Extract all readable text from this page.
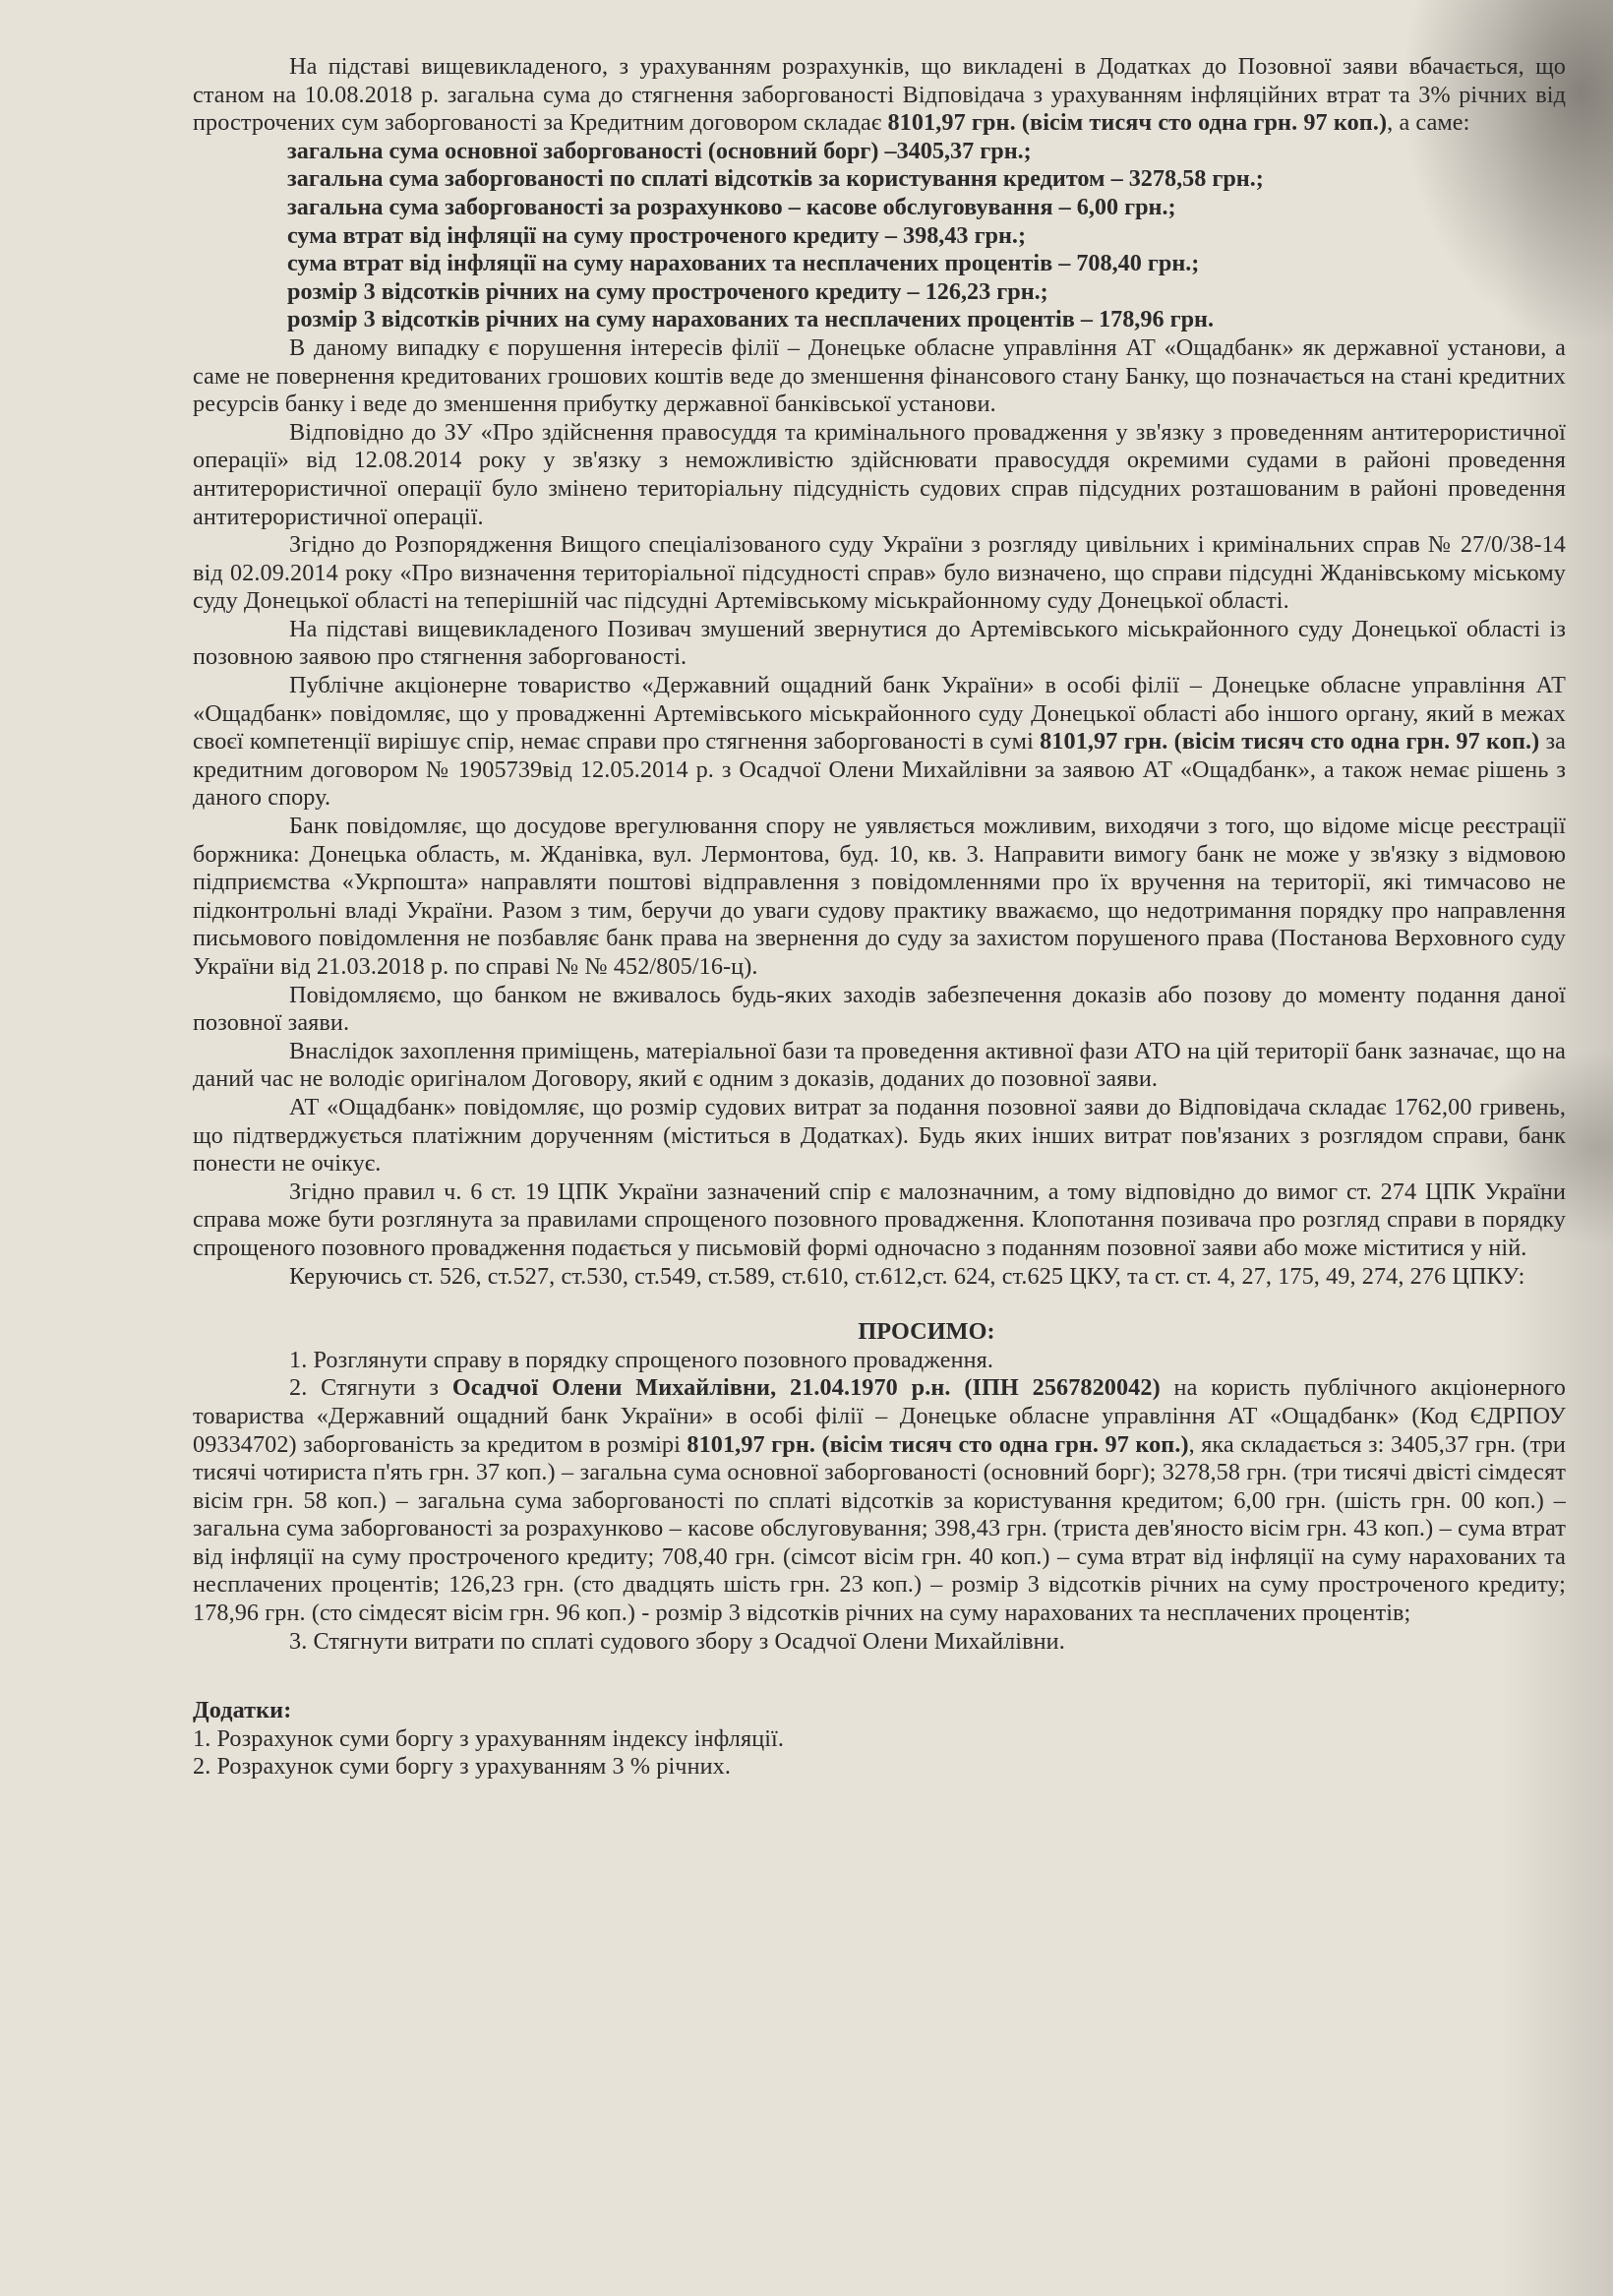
На підставі вищевикладеного, з урахуванням розрахунків, що викладені в Додатках до Позовної заяви вбачається, що станом на 10.08.2018 р. загальна сума до стягнення заборгованості Відповідача з урахуванням інфляційних втрат та 3% річних від прострочених сум заборгованості за Кредитним договором складає 8101,97 грн. (вісім тисяч сто одна грн. 97 коп.), а саме:

загальна сума основної заборгованості (основний борг) –3405,37 грн.;
загальна сума заборгованості по сплаті відсотків за користування кредитом – 3278,58 грн.;
загальна сума заборгованості за розрахунково – касове обслуговування – 6,00 грн.;
сума втрат від інфляції на суму простроченого кредиту – 398,43 грн.;
сума втрат від інфляції на суму нарахованих та несплачених процентів – 708,40 грн.;
розмір 3 відсотків річних на суму простроченого кредиту – 126,23 грн.;
розмір 3 відсотків річних на суму нарахованих та несплачених процентів – 178,96 грн.

В даному випадку є порушення інтересів філії – Донецьке обласне управління АТ «Ощадбанк» як державної установи, а саме не повернення кредитованих грошових коштів веде до зменшення фінансового стану Банку, що позначається на стані кредитних ресурсів банку і веде до зменшення прибутку державної банківської установи.

Відповідно до ЗУ «Про здійснення правосуддя та кримінального провадження у зв'язку з проведенням антитерористичної операції» від 12.08.2014 року у зв'язку з неможливістю здійснювати правосуддя окремими судами в районі проведення антитерористичної операції було змінено територіальну підсудність судових справ підсудних розташованим в районі проведення антитерористичної операції.

Згідно до Розпорядження Вищого спеціалізованого суду України з розгляду цивільних і кримінальних справ № 27/0/38-14 від 02.09.2014 року «Про визначення територіальної підсудності справ» було визначено, що справи підсудні Жданівському міському суду Донецької області на теперішній час підсудні Артемівському міськрайонному суду Донецької області.

На підставі вищевикладеного Позивач змушений звернутися до Артемівського міськрайонного суду Донецької області із позовною заявою про стягнення заборгованості.

Публічне акціонерне товариство «Державний ощадний банк України» в особі філії – Донецьке обласне управління АТ «Ощадбанк» повідомляє, що у провадженні Артемівського міськрайонного суду Донецької області або іншого органу, який в межах своєї компетенції вирішує спір, немає справи про стягнення заборгованості в сумі 8101,97 грн. (вісім тисяч сто одна грн. 97 коп.) за кредитним договором № 1905739від 12.05.2014 р. з Осадчої Олени Михайлівни за заявою АТ «Ощадбанк», а також немає рішень з даного спору.

Банк повідомляє, що досудове врегулювання спору не уявляється можливим, виходячи з того, що відоме місце реєстрації боржника: Донецька область, м. Жданівка, вул. Лермонтова, буд. 10, кв. 3. Направити вимогу банк не може у зв'язку з відмовою підприємства «Укрпошта» направляти поштові відправлення з повідомленнями про їх вручення на території, які тимчасово не підконтрольні владі України. Разом з тим, беручи до уваги судову практику вважаємо, що недотримання порядку про направлення письмового повідомлення не позбавляє банк права на звернення до суду за захистом порушеного права (Постанова Верховного суду України від 21.03.2018 р. по справі № № 452/805/16-ц).

Повідомляємо, що банком не вживалось будь-яких заходів забезпечення доказів або позову до моменту подання даної позовної заяви.

Внаслідок захоплення приміщень, матеріальної бази та проведення активної фази АТО на цій території банк зазначає, що на даний час не володіє оригіналом Договору, який є одним з доказів, доданих до позовної заяви.

АТ «Ощадбанк» повідомляє, що розмір судових витрат за подання позовної заяви до Відповідача складає 1762,00 гривень, що підтверджується платіжним дорученням (міститься в Додатках). Будь яких інших витрат пов'язаних з розглядом справи, банк понести не очікує.

Згідно правил ч. 6 ст. 19 ЦПК України зазначений спір є малозначним, а тому відповідно до вимог ст. 274 ЦПК України справа може бути розглянута за правилами спрощеного позовного провадження. Клопотання позивача про розгляд справи в порядку спрощеного позовного провадження подається у письмовій формі одночасно з поданням позовної заяви або може міститися у ній.

Керуючись ст. 526, ст.527, ст.530, ст.549, ст.589, ст.610, ст.612,ст. 624, ст.625 ЦКУ, та ст. ст. 4, 27, 175, 49, 274, 276 ЦПКУ:

ПРОСИМО:

1. Розглянути справу в порядку спрощеного позовного провадження.

2. Стягнути з Осадчої Олени Михайлівни, 21.04.1970 р.н. (ІПН 2567820042) на користь публічного акціонерного товариства «Державний ощадний банк України» в особі філії – Донецьке обласне управління АТ «Ощадбанк» (Код ЄДРПОУ 09334702) заборгованість за кредитом в розмірі 8101,97 грн. (вісім тисяч сто одна грн. 97 коп.), яка складається з: 3405,37 грн. (три тисячі чотириста п'ять грн. 37 коп.) – загальна сума основної заборгованості (основний борг); 3278,58 грн. (три тисячі двісті сімдесят вісім грн. 58 коп.) – загальна сума заборгованості по сплаті відсотків за користування кредитом; 6,00 грн. (шість грн. 00 коп.) – загальна сума заборгованості за розрахунково – касове обслуговування; 398,43 грн. (триста дев'яносто вісім грн. 43 коп.) – сума втрат від інфляції на суму простроченого кредиту; 708,40 грн. (сімсот вісім грн. 40 коп.) – сума втрат від інфляції на суму нарахованих та несплачених процентів; 126,23 грн. (сто двадцять шість грн. 23 коп.) – розмір 3 відсотків річних на суму простроченого кредиту; 178,96 грн. (сто сімдесят вісім грн. 96 коп.) - розмір 3 відсотків річних на суму нарахованих та несплачених процентів;

3. Стягнути витрати по сплаті судового збору з Осадчої Олени Михайлівни.

Додатки:

1. Розрахунок суми боргу з урахуванням індексу інфляції.

2. Розрахунок суми боргу з урахуванням 3 % річних.
